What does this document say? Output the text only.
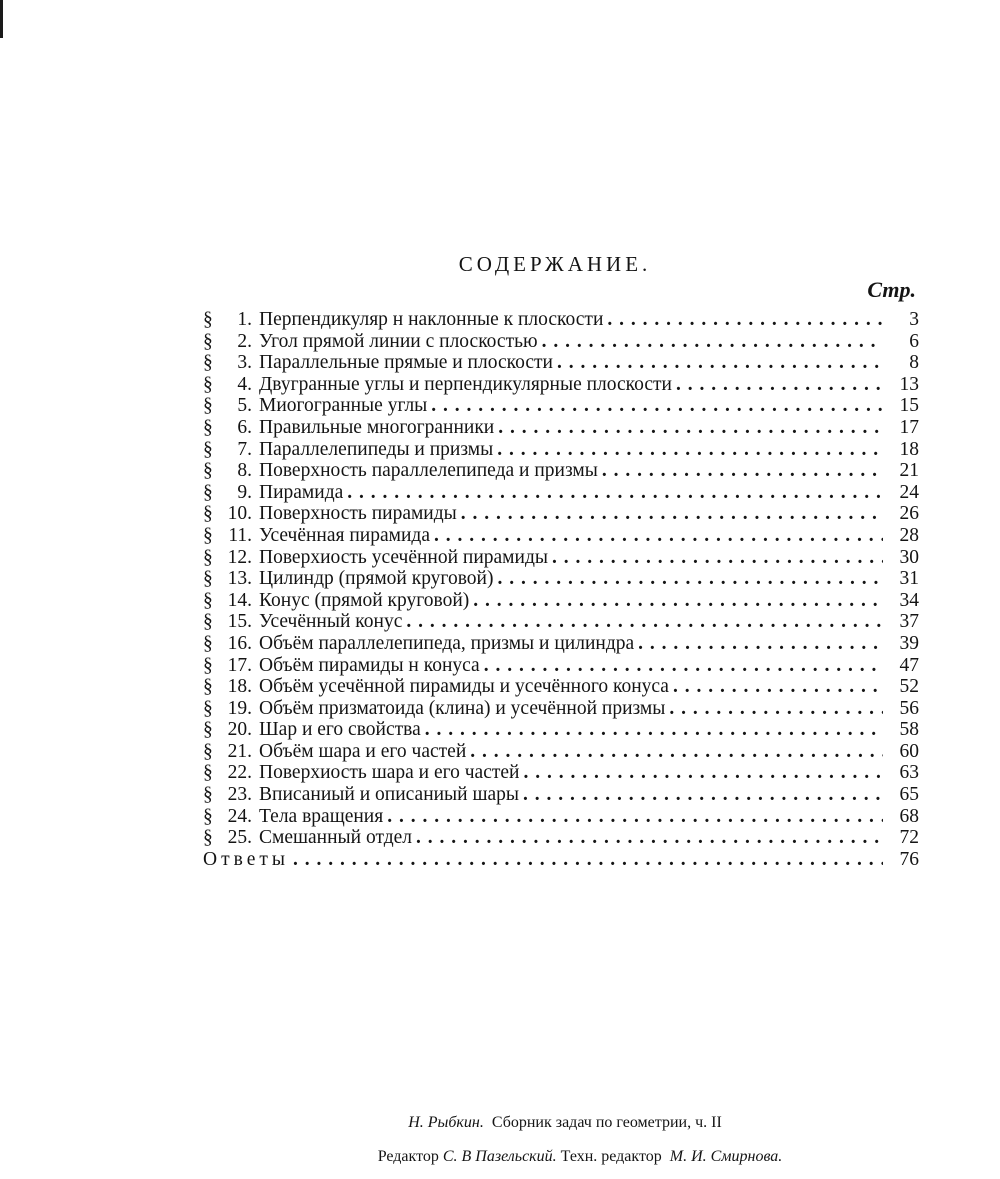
СОДЕРЖАНИЕ.
Стр.
§	1. Перпендикуляр н наклонные к плоскости . . .	3
§	2. Угол прямой линии с плоскостью . . .	6
§	3. Параллельные прямые и плоскости . . .	8
§	4. Двугранные углы и перпендикулярные плоскости . . .	13
§	5. Миогогранные углы . . .	15
§	6. Правильные многогранники . . .	17
§	7. Параллелепипеды и призмы . . .	18
§	8. Поверхность параллелепипеда и призмы . . .	21
§	9. Пирамида . . .	24
§ 10. Поверхность пирамиды . . .	26
§ 11. Усечённая пирамида . . .	28
§ 12. Поверхиость усечённой пирамиды . . .	30
§ 13. Цилиндр (прямой круговой) . . .	31
§ 14. Конус (прямой круговой) . . .	34
§ 15. Усечённый конус . . .	37
§ 16. Объём параллелепипеда, призмы и цилиндра . . .	39
§ 17. Объём пирамиды н конуса . . .	47
§ 18. Объём усечённой пирамиды и усечённого конуса . . .	52
§ 19. Объём призматоида (клина) и усечённой призмы . . .	56
§ 20. Шар и его свойства . . .	58
§ 21. Объём шара и его частей . . .	60
§ 22. Поверхиость шара и его частей . . .	63
§ 23. Вписаниый и описаниый шары . . .	65
§ 24. Тела вращения . . .	68
§ 25. Смешанный отдел . . .	72
Ответы . . .	76
Н. Рыбкин. Сборник задач по геометрии, ч. II
Редактор С. В Пазельский. Техн. редактор М. И. Смирнова.
